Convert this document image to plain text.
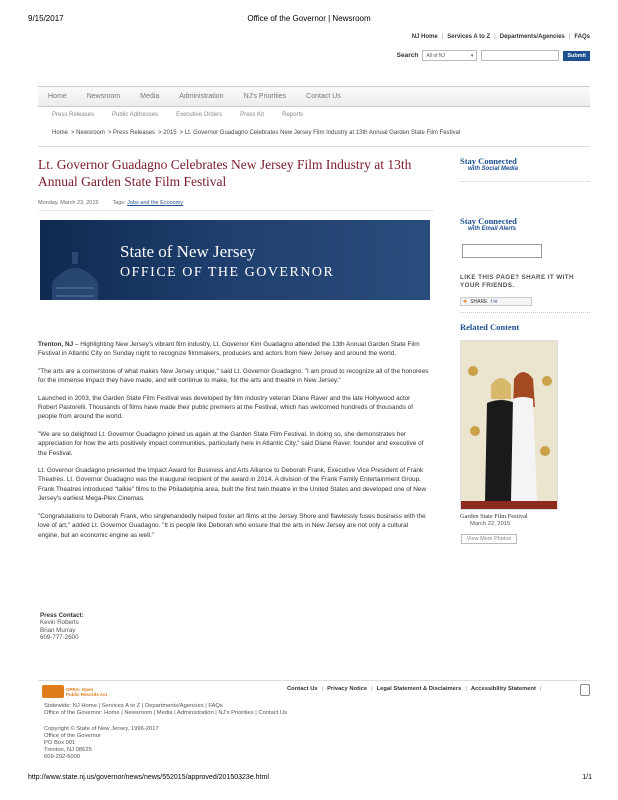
9/15/2017	Office of the Governor | Newsroom
NJ Home | Services A to Z | Departments/Agencies | FAQs
Search All of NJ	▾	Submit
Home	Newsroom	Media	Administration	NJ's Priorities	Contact Us
Press Releases	Public Addresses	Executive Orders	Press Kit	Reports
Home > Newsroom > Press Releases > 2015 > Lt. Governor Guadagno Celebrates New Jersey Film Industry at 13th Annual Garden State Film Festival
Lt. Governor Guadagno Celebrates New Jersey Film Industry at 13th Annual Garden State Film Festival
Monday, March 23, 2015	Tags: Jobs and the Economy
State of New Jersey
OFFICE OF THE GOVERNOR

Trenton, NJ – Highlighting New Jersey's vibrant film industry, Lt. Governor Kim Guadagno attended the 13th Annual Garden State Film Festival in Atlantic City on Sunday night to recognize filmmakers, producers and actors from New Jersey and around the world.

"The arts are a cornerstone of what makes New Jersey unique," said Lt. Governor Guadagno. "I am proud to recognize all of the honorees for the immense impact they have made, and will continue to make, for the arts and theatre in New Jersey."

Launched in 2003, the Garden State Film Festival was developed by film industry veteran Diane Raver and the late Hollywood actor Robert Pastorelli. Thousands of films have made their public premiers at the Festival, which has welcomed hundreds of thousands of people from around the world.

"We are so delighted Lt. Governor Guadagno joined us again at the Garden State Film Festival. In doing so, she demonstrates her appreciation for how the arts positively impact communities, particularly here in Atlantic City," said Diane Raver, founder and executive of the Festival.

Lt. Governor Guadagno presented the Impact Award for Business and Arts Alliance to Deborah Frank, Executive Vice President of Frank Theatres. Lt. Governor Guadagno was the inaugural recipient of the award in 2014. A division of the Frank Family Entertainment Group, Frank Theatres introduced "talkie" films to the Philadelphia area, built the first twin theatre in the United States and developed one of New Jersey's earliest Mega-Plex Cinemas.

"Congratulations to Deborah Frank, who singlehandedly helped foster art films at the Jersey Shore and flawlessly fuses business with the love of art," added Lt. Governor Guadagno. "It is people like Deborah who ensure that the arts in New Jersey are not only a cultural engine, but an economic engine as well."

Press Contact:
Kevin Roberts
Brian Murray
609-777-2600
Stay Connected
with Social Media
Stay Connected
with Email Alerts
LIKE THIS PAGE? SHARE IT WITH YOUR FRIENDS.
✚ SHARE f ✉
Related Content
Garden State Film Festival
March 22, 2015
View More Photos
OPRA: Open
Public Records Act
Contact Us | Privacy Notice | Legal Statement & Disclaimers | Accessibility Statement |
Statewide: NJ Home | Services A to Z | Departments/Agencies | FAQs
Office of the Governor: Home | Newsroom | Media | Administration | NJ's Priorities | Contact Us
Copyright © State of New Jersey, 1996-2017
Office of the Governor
PO Box 001
Trenton, NJ 08625
609-292-6000
http://www.state.nj.us/governor/news/news/552015/approved/20150323e.html	1/1
